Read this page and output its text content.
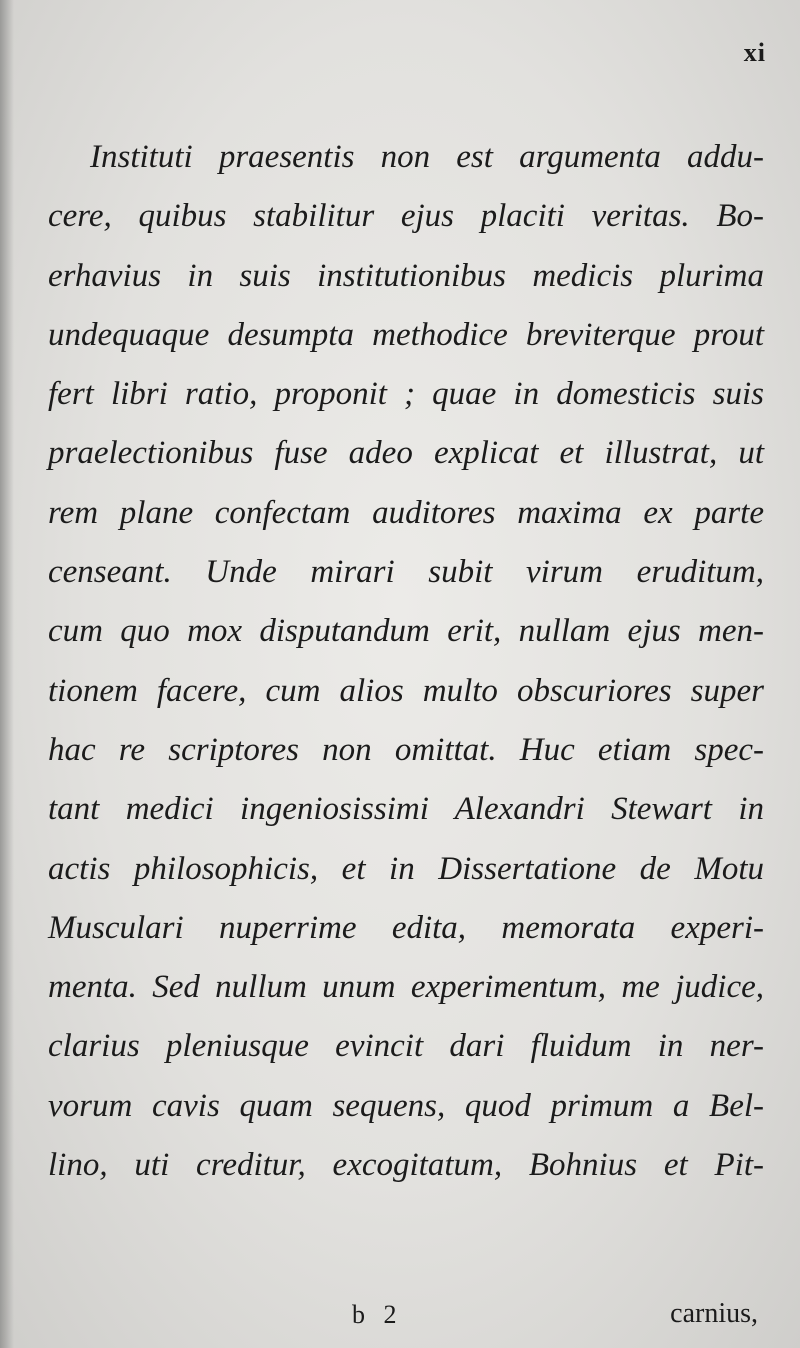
xi
Instituti praesentis non est argumenta addu-
cere, quibus stabilitur ejus placiti veritas. Bo-
erhavius in suis institutionibus medicis plurima
undequaque desumpta methodice breviterque prout
fert libri ratio, proponit ; quae in domesticis suis
praelectionibus fuse adeo explicat et illustrat, ut
rem plane confectam auditores maxima ex parte
censeant. Unde mirari subit virum eruditum,
cum quo mox disputandum erit, nullam ejus men-
tionem facere, cum alios multo obscuriores super
hac re scriptores non omittat. Huc etiam spec-
tant medici ingeniosissimi Alexandri Stewart in
actis philosophicis, et in Dissertatione de Motu
Musculari nuperrime edita, memorata experi-
menta. Sed nullum unum experimentum, me judice,
clarius pleniusque evincit dari fluidum in ner-
vorum cavis quam sequens, quod primum a Bel-
lino, uti creditur, excogitatum, Bohnius et Pit-
b 2	carnius,
